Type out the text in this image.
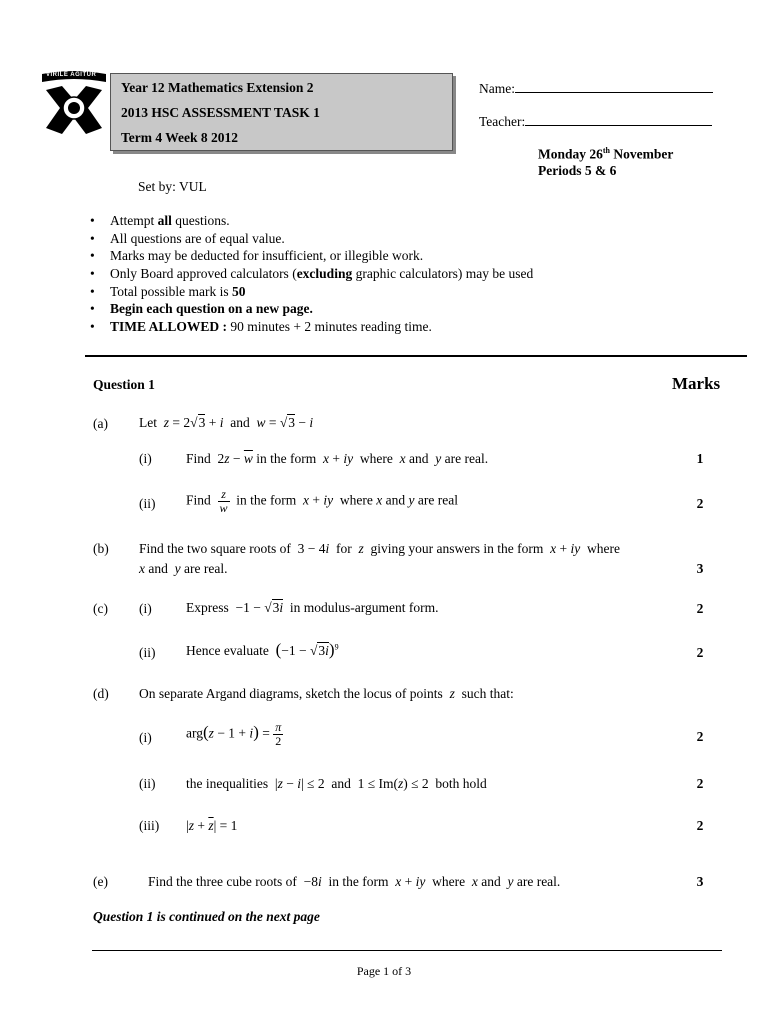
VIRILE AGITUR
Year 12 Mathematics Extension 2
2013 HSC ASSESSMENT TASK 1
Term 4 Week 8 2012
Name:
Teacher:
Monday 26th November
Periods 5 & 6
Set by: VUL
• Attempt all questions.
• All questions are of equal value.
• Marks may be deducted for insufficient, or illegible work.
• Only Board approved calculators (excluding graphic calculators) may be used
• Total possible mark is 50
• Begin each question on a new page.
• TIME ALLOWED : 90 minutes + 2 minutes reading time.
Question 1	Marks
(a) Let z = 2√3 + i and w = √3 − i
(i)	Find  $2z - \overline{w}$ in the form x + iy where x and y are real.	1
(ii) Find $\frac{z}{w}$ in the form x + iy where x and y are real	2
(b) Find the two square roots of  3 − 4i for z giving your answers in the form x + iy where
x and y are real.	3
(c) (i)	Express  −1 − √3i in modulus-argument form.	2
(ii) Hence evaluate $(-1 - √3i)^9$	2
(d) On separate Argand diagrams, sketch the locus of points z such that:
(i)	$arg(z - 1 + i) = \frac{\pi}{2}$	2
(ii) the inequalities  |z − i| ≤ 2  and  1 ≤ Im(z) ≤ 2  both hold	2
(iii) $|z + \overline{z}| = 1$	2
(e)	Find the three cube roots of  −8i in the form x + iy where x and y are real.	3
Question 1 is continued on the next page
Page 1 of 3
